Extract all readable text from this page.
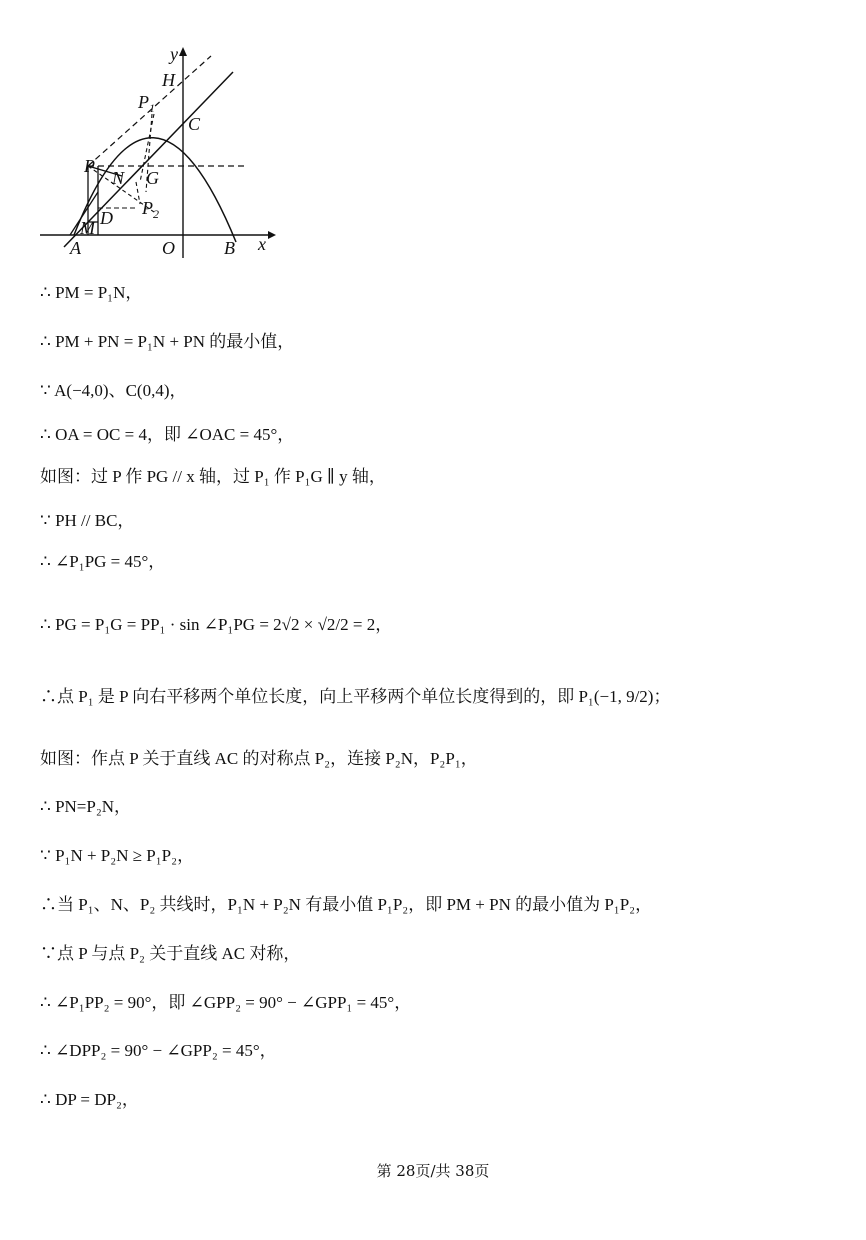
y
H
$P_1$
C
P
N G
D $P_2$
M
A	O	B x
∴ PM = P₁N，
∴ PM + PN = P₁N + PN 的最小值，
∵ A(−4,0)、C(0,4)，
∴ OA = OC = 4，即 ∠OAC = 45°，
如图：过 P 作 PG // x 轴，过 P₁ 作 P₁G ∥ y 轴，
∵ PH // BC，
∴ ∠P₁PG = 45°，
∴ PG = P₁G = PP₁ · sin ∠P₁PG = 2√2 × √2/2 = 2，
∴点 P₁ 是 P 向右平移两个单位长度，向上平移两个单位长度得到的，即 P₁(−1, 9/2)；
如图：作点 P 关于直线 AC 的对称点 P₂，连接 P₂N，P₂P₁，
∴ PN=P₂N，
∵ P₁N + P₂N ≥ P₁P₂，
∴当 P₁、N、P₂ 共线时，P₁N + P₂N 有最小值 P₁P₂，即 PM + PN 的最小值为 P₁P₂，
∵点 P 与点 P₂ 关于直线 AC 对称，
∴ ∠P₁PP₂ = 90°，即 ∠GPP₂ = 90° − ∠GPP₁ = 45°，
∴ ∠DPP₂ = 90° − ∠GPP₂ = 45°，
∴ DP = DP₂，
第 28页/共 38页
